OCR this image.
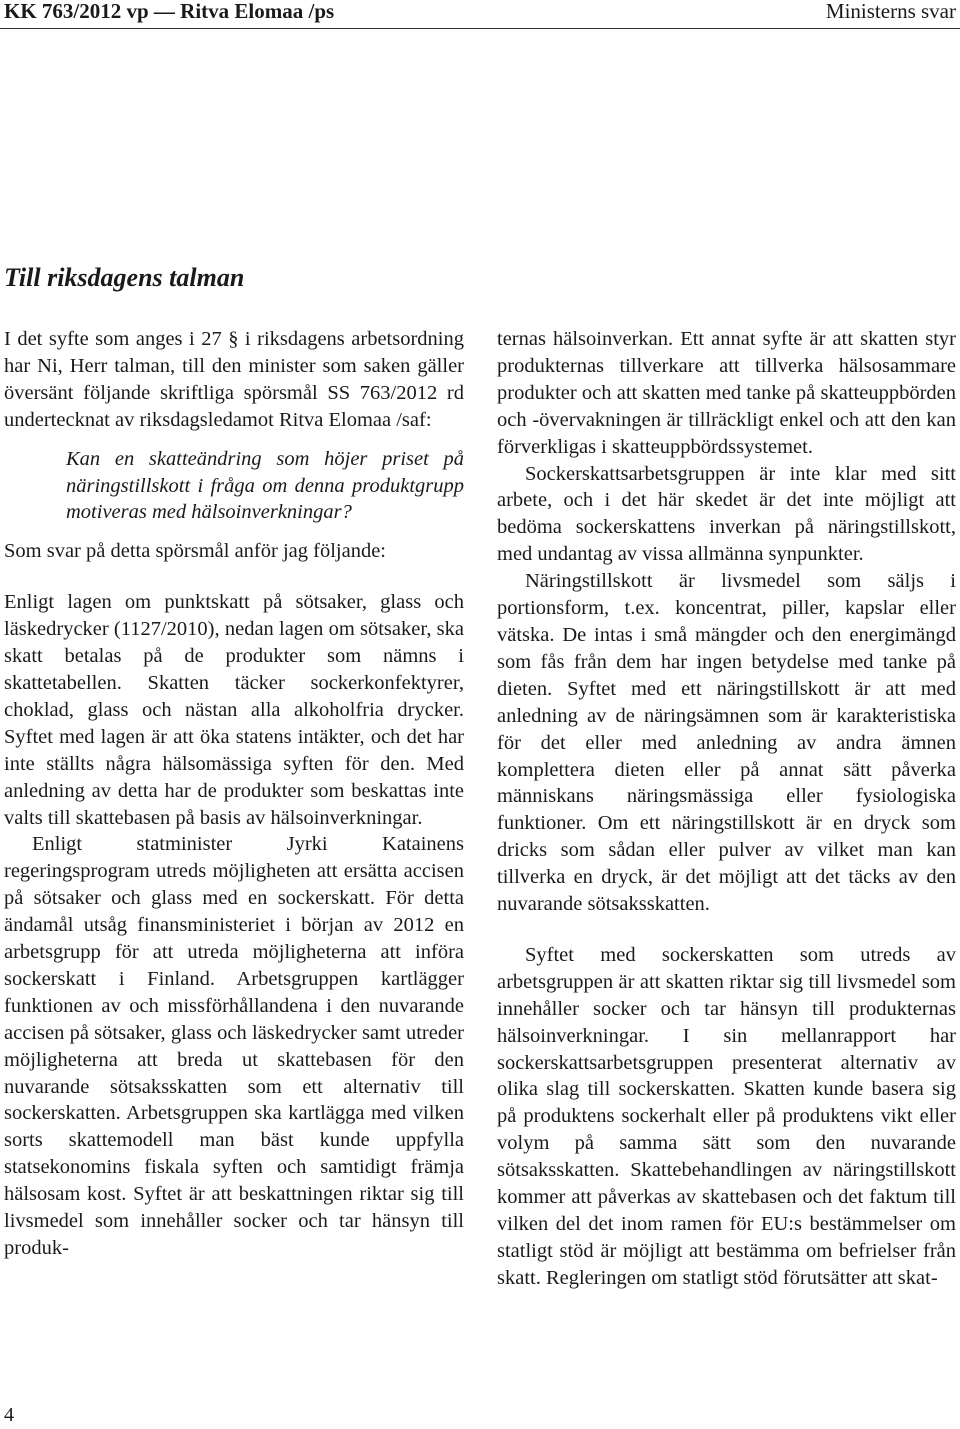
KK 763/2012 vp — Ritva Elomaa /ps	Ministerns svar
Till riksdagens talman

I det syfte som anges i 27 § i riksdagens arbetsordning har Ni, Herr talman, till den minister som saken gäller översänt följande skriftliga spörsmål SS 763/2012 rd undertecknat av riksdagsledamot Ritva Elomaa /saf:

Kan en skatteändring som höjer priset på näringstillskott i fråga om denna produktgrupp motiveras med hälsoinverkningar?

Som svar på detta spörsmål anför jag följande:

Enligt lagen om punktskatt på sötsaker, glass och läskedrycker (1127/2010), nedan lagen om sötsaker, ska skatt betalas på de produkter som nämns i skattetabellen. Skatten täcker sockerkonfektyrer, choklad, glass och nästan alla alkoholfria drycker. Syftet med lagen är att öka statens intäkter, och det har inte ställts några hälsomässiga syften för den. Med anledning av detta har de produkter som beskattas inte valts till skattebasen på basis av hälsoinverkningar.

Enligt statminister Jyrki Katainens regeringsprogram utreds möjligheten att ersätta accisen på sötsaker och glass med en sockerskatt. För detta ändamål utsåg finansministeriet i början av 2012 en arbetsgrupp för att utreda möjligheterna att införa sockerskatt i Finland. Arbetsgruppen kartlägger funktionen av och missförhållandena i den nuvarande accisen på sötsaker, glass och läskedrycker samt utreder möjligheterna att breda ut skattebasen för den nuvarande sötsaksskatten som ett alternativ till sockerskatten. Arbetsgruppen ska kartlägga med vilken sorts skattemodell man bäst kunde uppfylla statsekonomins fiskala syften och samtidigt främja hälsosam kost. Syftet är att beskattningen riktar sig till livsmedel som innehåller socker och tar hänsyn till produk-

ternas hälsoinverkan. Ett annat syfte är att skatten styr produkternas tillverkare att tillverka hälsosammare produkter och att skatten med tanke på skatteuppbörden och -övervakningen är tillräckligt enkel och att den kan förverkligas i skatteuppbördssystemet.

Sockerskattsarbetsgruppen är inte klar med sitt arbete, och i det här skedet är det inte möjligt att bedöma sockerskattens inverkan på näringstillskott, med undantag av vissa allmänna synpunkter.

Näringstillskott är livsmedel som säljs i portionsform, t.ex. koncentrat, piller, kapslar eller vätska. De intas i små mängder och den energimängd som fås från dem har ingen betydelse med tanke på dieten. Syftet med ett näringstillskott är att med anledning av de näringsämnen som är karakteristiska för det eller med anledning av andra ämnen komplettera dieten eller på annat sätt påverka människans näringsmässiga eller fysiologiska funktioner. Om ett näringstillskott är en dryck som dricks som sådan eller pulver av vilket man kan tillverka en dryck, är det möjligt att det täcks av den nuvarande sötsaksskatten.

Syftet med sockerskatten som utreds av arbetsgruppen är att skatten riktar sig till livsmedel som innehåller socker och tar hänsyn till produkternas hälsoinverkningar. I sin mellanrapport har sockerskattsarbetsgruppen presenterat alternativ av olika slag till sockerskatten. Skatten kunde basera sig på produktens sockerhalt eller på produktens vikt eller volym på samma sätt som den nuvarande sötsaksskatten. Skattebehandlingen av näringstillskott kommer att påverkas av skattebasen och det faktum till vilken del det inom ramen för EU:s bestämmelser om statligt stöd är möjligt att bestämma om befrielser från skatt. Regleringen om statligt stöd förutsätter att skat-

4
